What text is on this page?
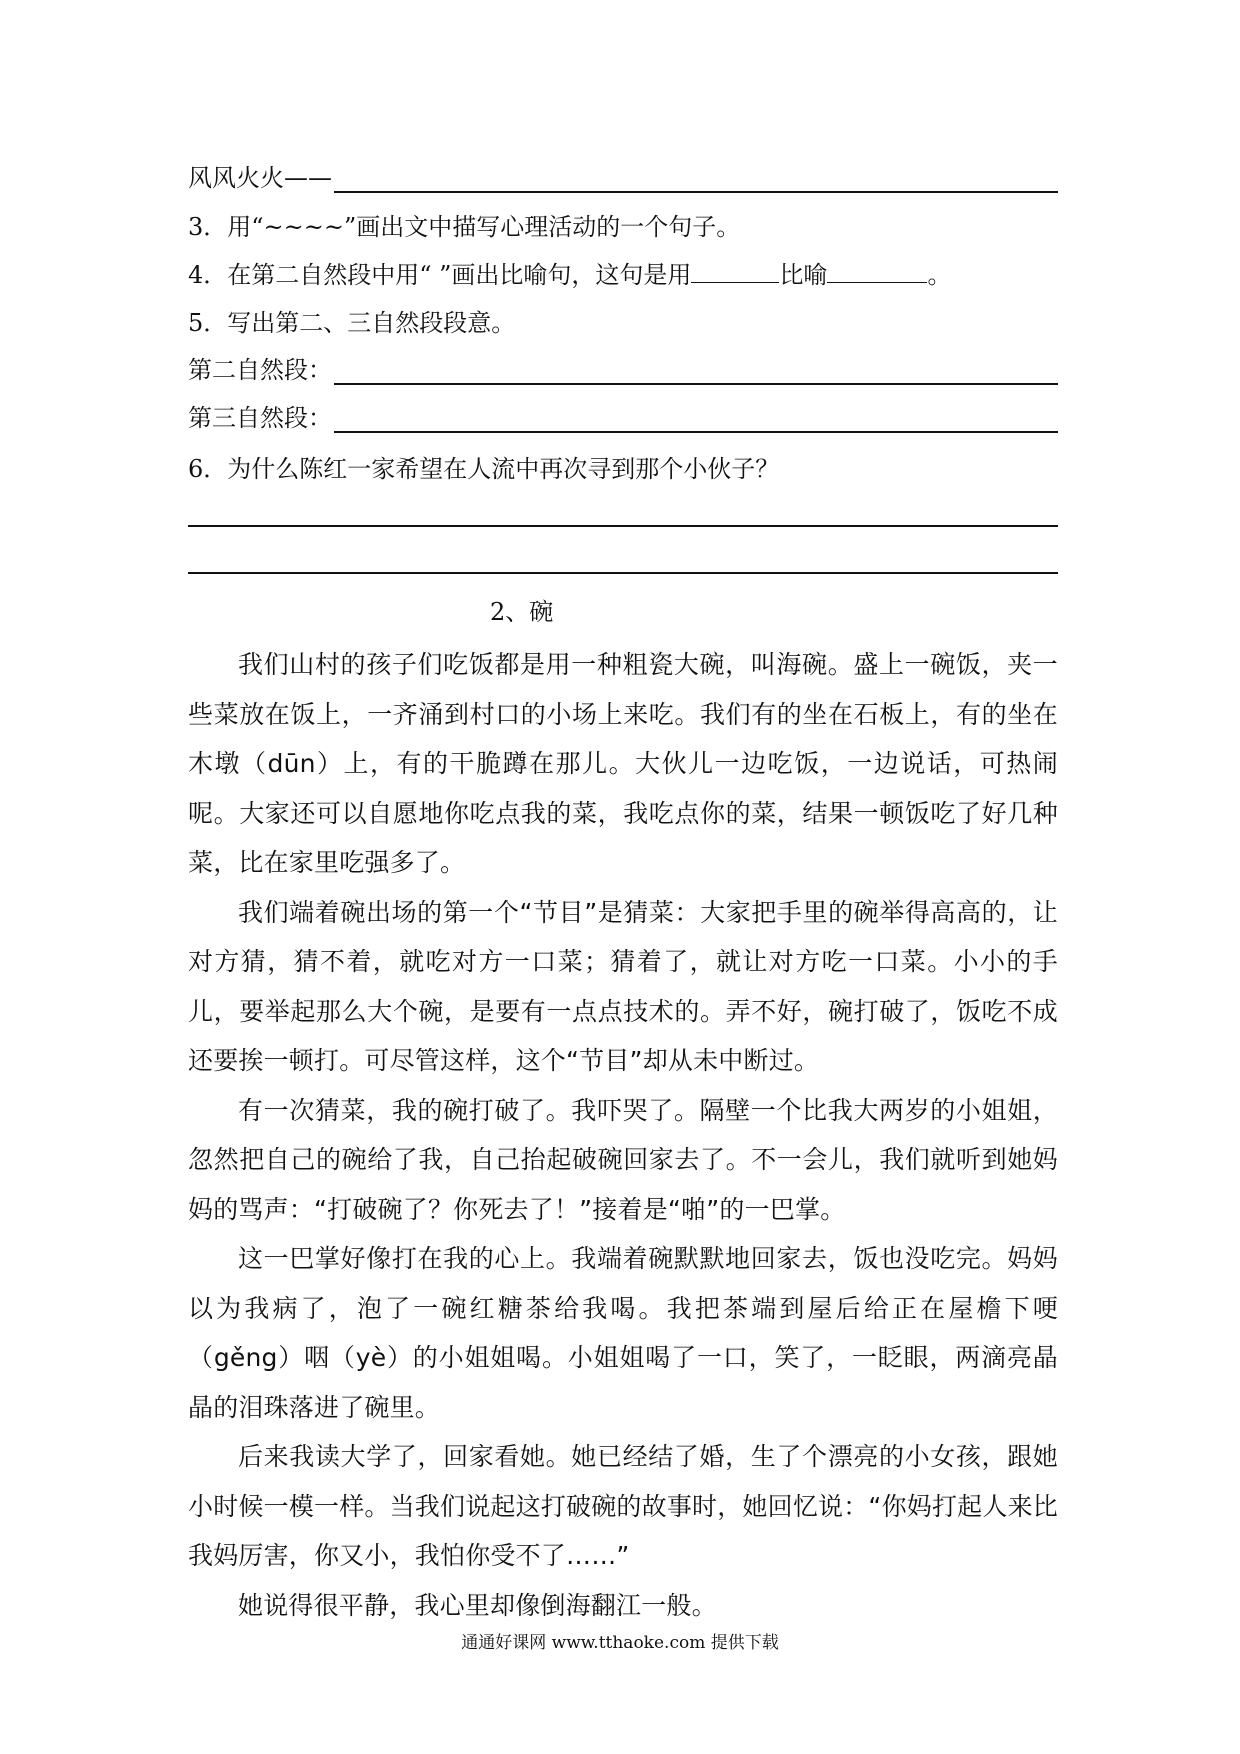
风风火火——
3．用“~~~~”画出文中描写心理活动的一个句子。
4．在第二自然段中用“ ”画出比喻句，这句是用	比喻	。
5．写出第二、三自然段段意。
第二自然段：
第三自然段：
6．为什么陈红一家希望在人流中再次寻到那个小伙子？
2、碗

我们山村的孩子们吃饭都是用一种粗瓷大碗，叫海碗。盛上一碗饭，夹一些菜放在饭上，一齐涌到村口的小场上来吃。我们有的坐在石板上，有的坐在木墩（dūn）上，有的干脆蹲在那儿。大伙儿一边吃饭，一边说话，可热闹呢。大家还可以自愿地你吃点我的菜，我吃点你的菜，结果一顿饭吃了好几种菜，比在家里吃强多了。

我们端着碗出场的第一个“节目”是猜菜：大家把手里的碗举得高高的，让对方猜，猜不着，就吃对方一口菜；猜着了，就让对方吃一口菜。小小的手儿，要举起那么大个碗，是要有一点点技术的。弄不好，碗打破了，饭吃不成还要挨一顿打。可尽管这样，这个“节目”却从未中断过。

有一次猜菜，我的碗打破了。我吓哭了。隔壁一个比我大两岁的小姐姐，忽然把自己的碗给了我，自己抬起破碗回家去了。不一会儿，我们就听到她妈妈的骂声：“打破碗了？你死去了！”接着是“啪”的一巴掌。

这一巴掌好像打在我的心上。我端着碗默默地回家去，饭也没吃完。妈妈以为我病了，泡了一碗红糖茶给我喝。我把茶端到屋后给正在屋檐下哽（gěng）咽（yè）的小姐姐喝。小姐姐喝了一口，笑了，一眨眼，两滴亮晶晶的泪珠落进了碗里。

后来我读大学了，回家看她。她已经结了婚，生了个漂亮的小女孩，跟她小时候一模一样。当我们说起这打破碗的故事时，她回忆说：“你妈打起人来比我妈厉害，你又小，我怕你受不了……”

她说得很平静，我心里却像倒海翻江一般。

通通好课网 www.tthaoke.com 提供下载
